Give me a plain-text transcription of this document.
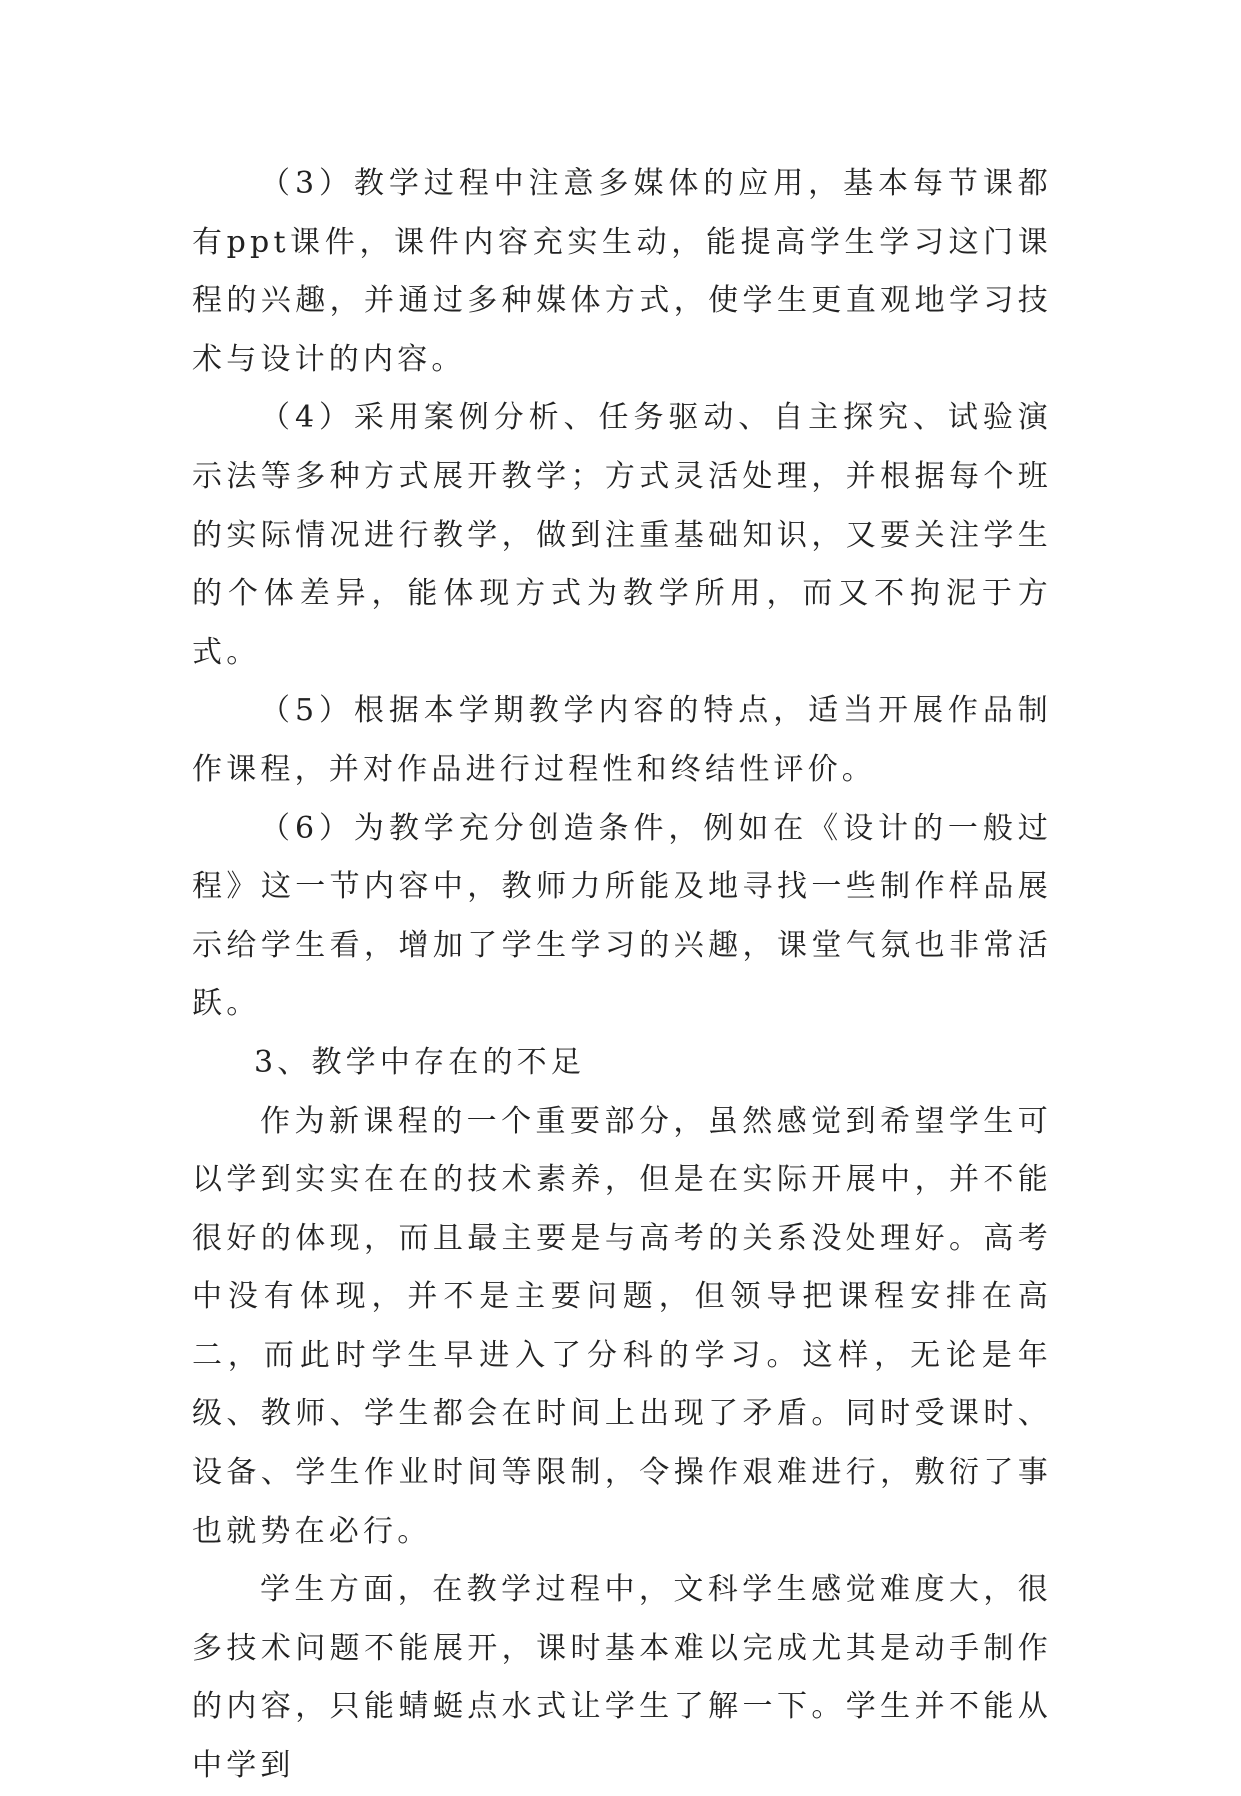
（3）教学过程中注意多媒体的应用，基本每节课都有ppt课件，课件内容充实生动，能提高学生学习这门课程的兴趣，并通过多种媒体方式，使学生更直观地学习技术与设计的内容。

（4）采用案例分析、任务驱动、自主探究、试验演示法等多种方式展开教学；方式灵活处理，并根据每个班的实际情况进行教学，做到注重基础知识，又要关注学生的个体差异，能体现方式为教学所用，而又不拘泥于方式。

（5）根据本学期教学内容的特点，适当开展作品制作课程，并对作品进行过程性和终结性评价。

（6）为教学充分创造条件，例如在《设计的一般过程》这一节内容中，教师力所能及地寻找一些制作样品展示给学生看，增加了学生学习的兴趣，课堂气氛也非常活跃。

3、教学中存在的不足

作为新课程的一个重要部分，虽然感觉到希望学生可以学到实实在在的技术素养，但是在实际开展中，并不能很好的体现，而且最主要是与高考的关系没处理好。高考中没有体现，并不是主要问题，但领导把课程安排在高二，而此时学生早进入了分科的学习。这样，无论是年级、教师、学生都会在时间上出现了矛盾。同时受课时、设备、学生作业时间等限制，令操作艰难进行，敷衍了事也就势在必行。

学生方面，在教学过程中，文科学生感觉难度大，很多技术问题不能展开，课时基本难以完成尤其是动手制作的内容，只能蜻蜓点水式让学生了解一下。学生并不能从中学到
